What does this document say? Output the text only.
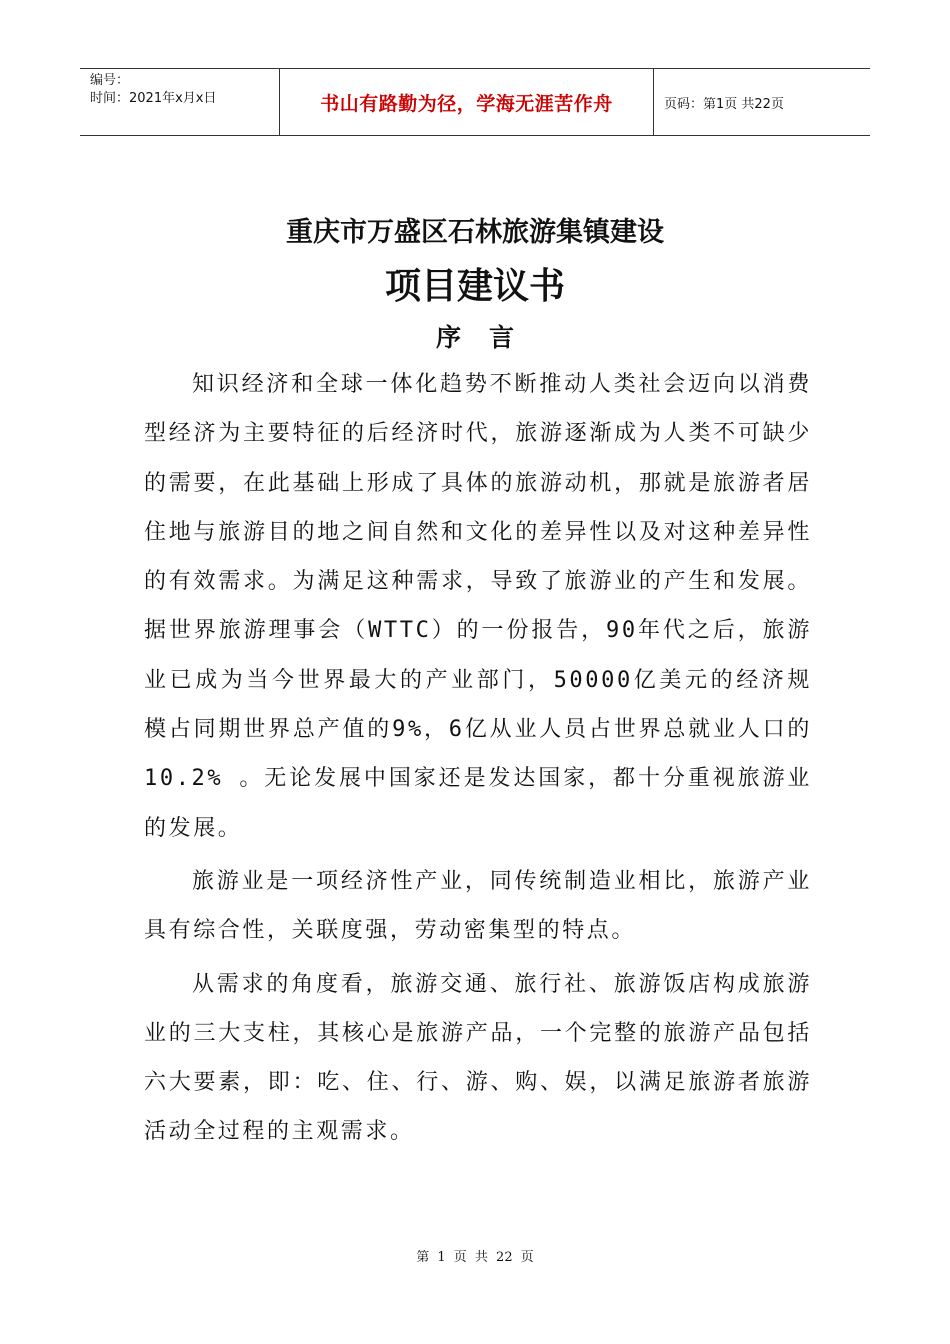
编号：
时间：2021年x月x日	书山有路勤为径，学海无涯苦作舟	页码：第1页 共22页
重庆市万盛区石林旅游集镇建设
项目建议书
序言

知识经济和全球一体化趋势不断推动人类社会迈向以消费型经济为主要特征的后经济时代，旅游逐渐成为人类不可缺少的需要，在此基础上形成了具体的旅游动机，那就是旅游者居住地与旅游目的地之间自然和文化的差异性以及对这种差异性的有效需求。为满足这种需求，导致了旅游业的产生和发展。据世界旅游理事会（WTTC）的一份报告，90年代之后，旅游业已成为当今世界最大的产业部门，50000亿美元的经济规模占同期世界总产值的9%，6亿从业人员占世界总就业人口的10.2% 。无论发展中国家还是发达国家，都十分重视旅游业的发展。

旅游业是一项经济性产业，同传统制造业相比，旅游产业具有综合性，关联度强，劳动密集型的特点。

从需求的角度看，旅游交通、旅行社、旅游饭店构成旅游业的三大支柱，其核心是旅游产品，一个完整的旅游产品包括六大要素，即：吃、住、行、游、购、娱，以满足旅游者旅游活动全过程的主观需求。

第 1 页 共 22 页
